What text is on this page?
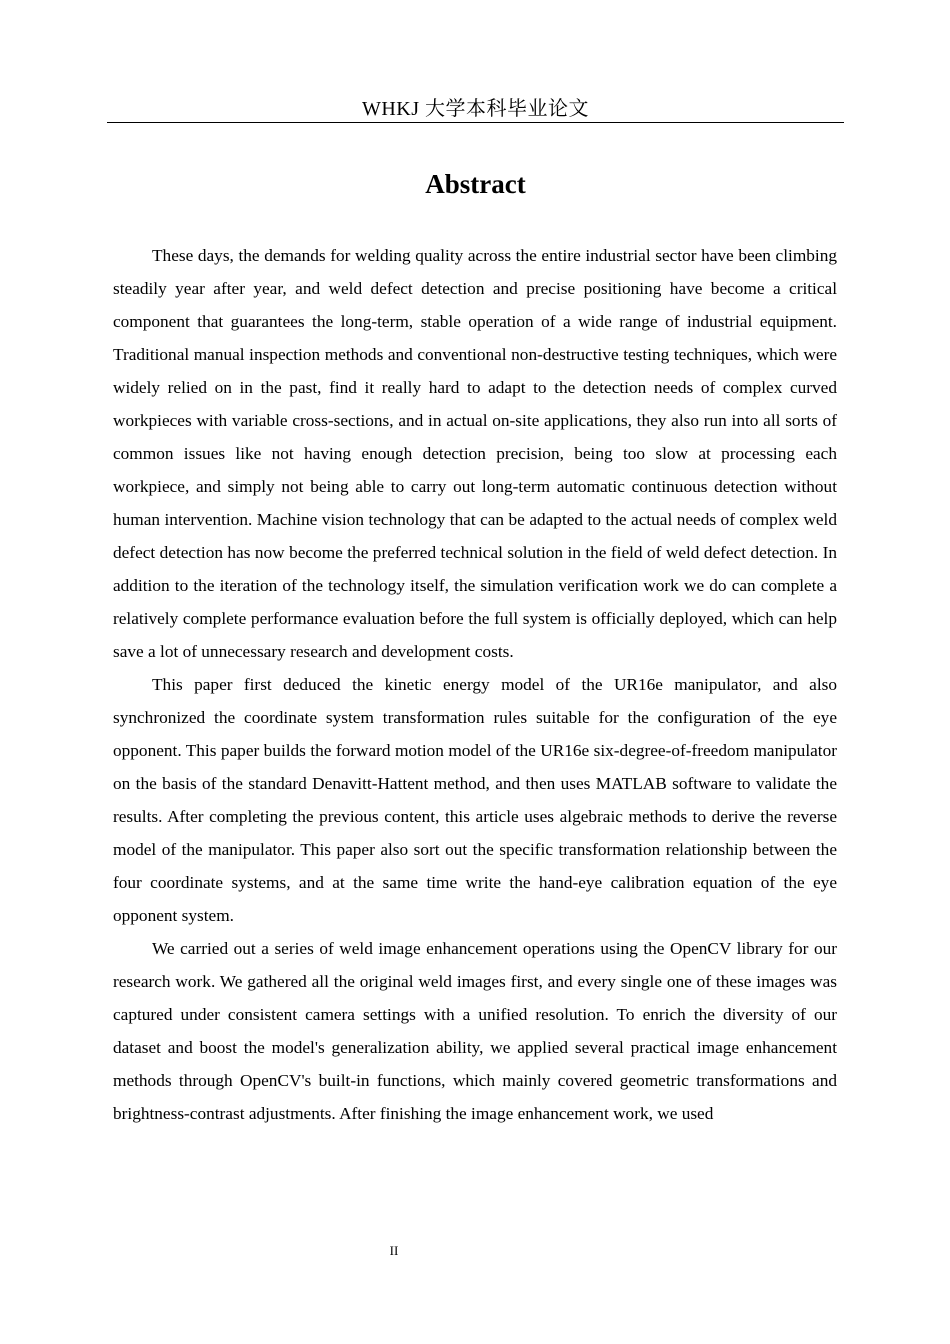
WHKJ 大学本科毕业论文
Abstract

These days, the demands for welding quality across the entire industrial sector have been climbing steadily year after year, and weld defect detection and precise positioning have become a critical component that guarantees the long-term, stable operation of a wide range of industrial equipment. Traditional manual inspection methods and conventional non-destructive testing techniques, which were widely relied on in the past, find it really hard to adapt to the detection needs of complex curved workpieces with variable cross-sections, and in actual on-site applications, they also run into all sorts of common issues like not having enough detection precision, being too slow at processing each workpiece, and simply not being able to carry out long-term automatic continuous detection without human intervention. Machine vision technology that can be adapted to the actual needs of complex weld defect detection has now become the preferred technical solution in the field of weld defect detection. In addition to the iteration of the technology itself, the simulation verification work we do can complete a relatively complete performance evaluation before the full system is officially deployed, which can help save a lot of unnecessary research and development costs.

This paper first deduced the kinetic energy model of the UR16e manipulator, and also synchronized the coordinate system transformation rules suitable for the configuration of the eye opponent. This paper builds the forward motion model of the UR16e six-degree-of-freedom manipulator on the basis of the standard Denavitt-Hattent method, and then uses MATLAB software to validate the results. After completing the previous content, this article uses algebraic methods to derive the reverse model of the manipulator. This paper also sort out the specific transformation relationship between the four coordinate systems, and at the same time write the hand-eye calibration equation of the eye opponent system.

We carried out a series of weld image enhancement operations using the OpenCV library for our research work. We gathered all the original weld images first, and every single one of these images was captured under consistent camera settings with a unified resolution. To enrich the diversity of our dataset and boost the model's generalization ability, we applied several practical image enhancement methods through OpenCV's built-in functions, which mainly covered geometric transformations and brightness-contrast adjustments. After finishing the image enhancement work, we used

II
